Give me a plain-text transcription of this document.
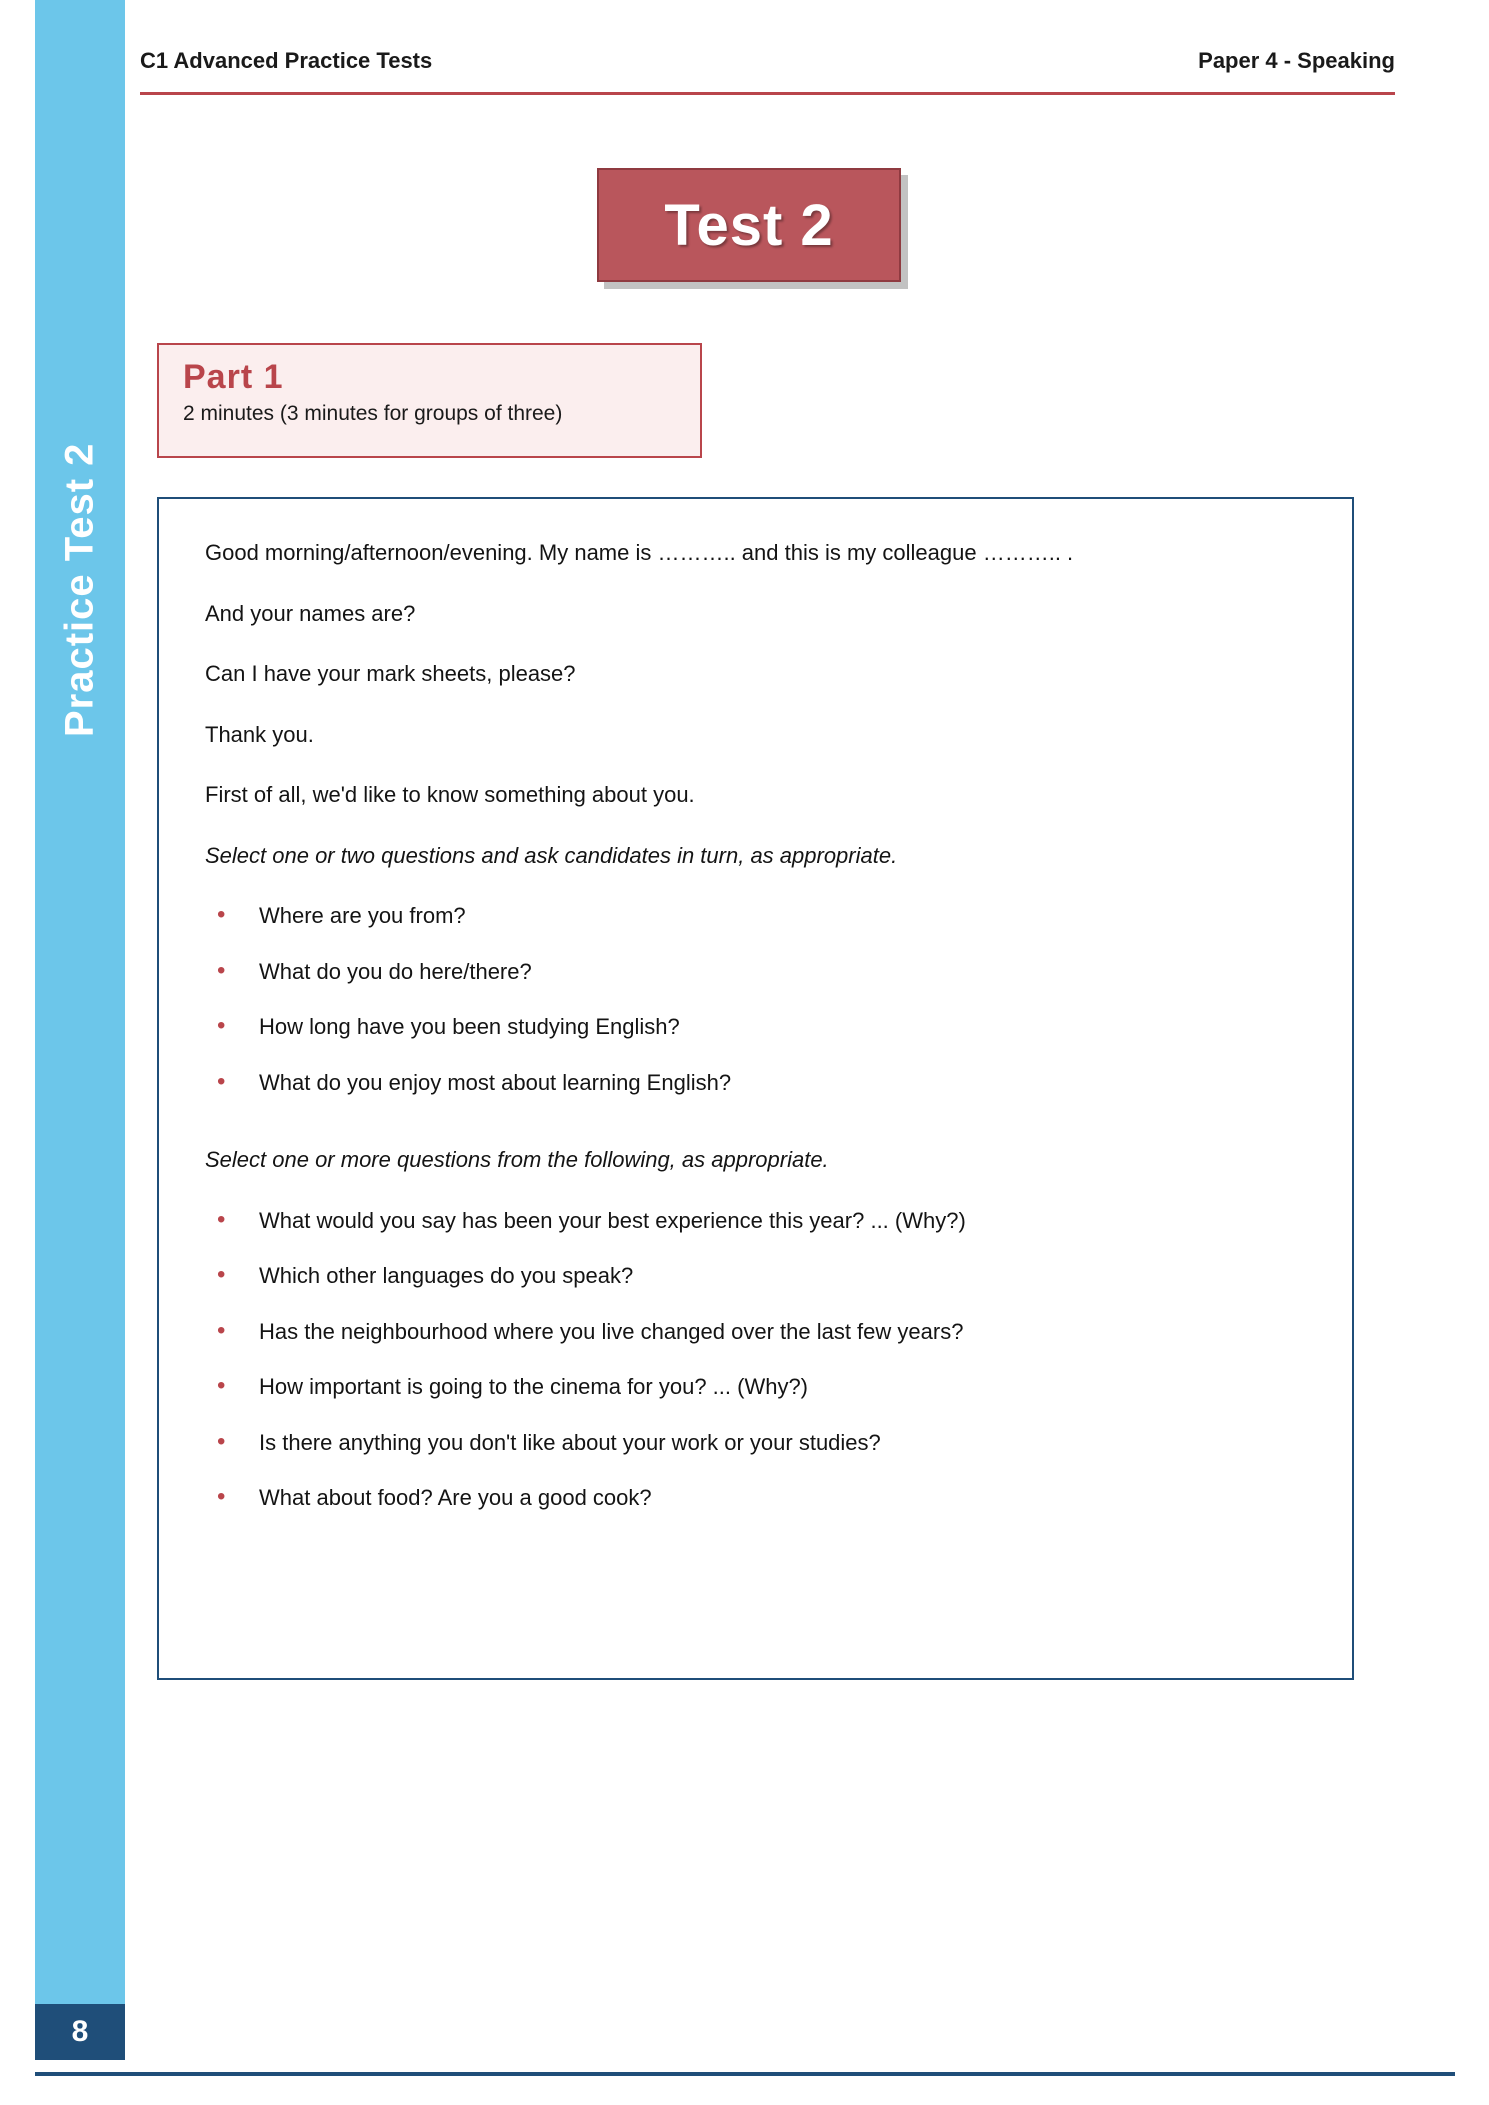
Practice Test 2
C1 Advanced Practice Tests	Paper 4 - Speaking
Test 2
Part 1
2 minutes (3 minutes for groups of three)

Good morning/afternoon/evening. My name is ……….. and this is my colleague ……….. .

And your names are?

Can I have your mark sheets, please?

Thank you.

First of all, we'd like to know something about you.

Select one or two questions and ask candidates in turn, as appropriate.

• Where are you from?
• What do you do here/there?
• How long have you been studying English?
• What do you enjoy most about learning English?

Select one or more questions from the following, as appropriate.

• What would you say has been your best experience this year? ... (Why?)
• Which other languages do you speak?
• Has the neighbourhood where you live changed over the last few years?
• How important is going to the cinema for you? ... (Why?)
• Is there anything you don't like about your work or your studies?
• What about food? Are you a good cook?
8
